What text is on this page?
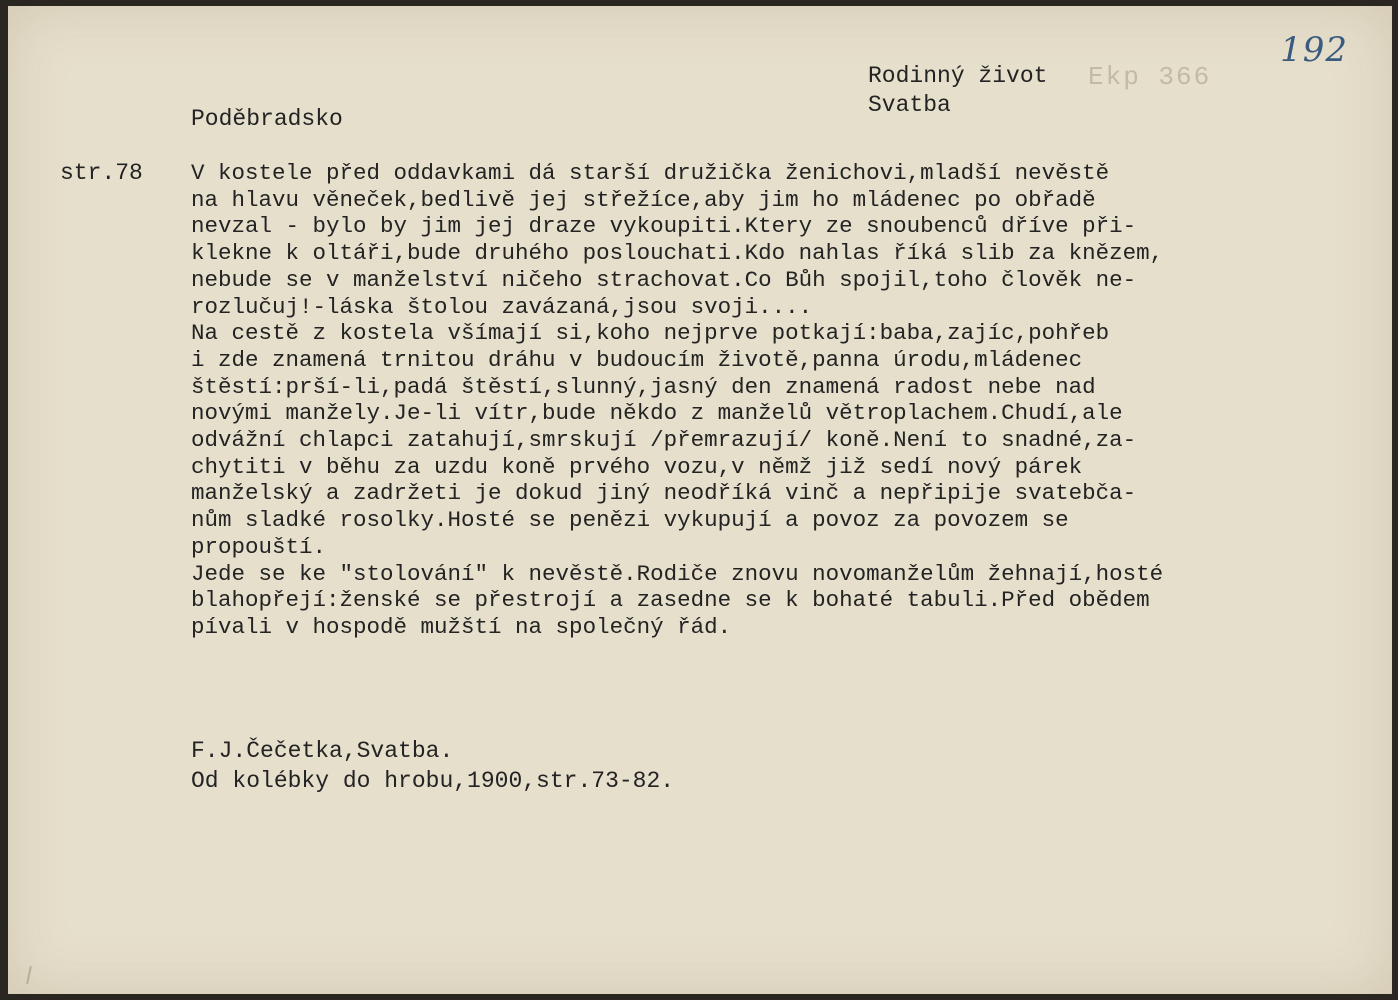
192
Ekp 366
Rodinný život
Svatba
Poděbradsko
str.78 V kostele před oddavkami dá starší družička ženichovi,mladší nevěstě
na hlavu věneček,bedlivě jej střežíce,aby jim ho mládenec po obřadě
nevzal - bylo by jim jej draze vykoupiti.Ktery ze snoubenců dříve při-
klekne k oltáři,bude druhého poslouchati.Kdo nahlas říká slib za knězem,
nebude se v manželství ničeho strachovat.Co Bůh spojil,toho člověk ne-
rozlučuj!-láska štolou zavázaná,jsou svoji....
Na cestě z kostela všímají si,koho nejprve potkají:baba,zajíc,pohřeb
i zde znamená trnitou dráhu v budoucím životě,panna úrodu,mládenec
štěstí:prší-li,padá štěstí,slunný,jasný den znamená radost nebe nad
novými manžely.Je-li vítr,bude někdo z manželů větroplachem.Chudí,ale
odvážní chlapci zatahují,smrskují /přemrazují/ koně.Není to snadné,za-
chytiti v běhu za uzdu koně prvého vozu,v němž již sedí nový párek
manželský a zadržeti je dokud jiný neodříká vinč a nepřipije svatebča-
nům sladké rosolky.Hosté se penězi vykupují a povoz za povozem se
propouští.
Jede se ke "stolování" k nevěstě.Rodiče znovu novomanželům žehnají,hosté
blahopřejí:ženské se přestrojí a zasedne se k bohaté tabuli.Před obědem
pívali v hospodě mužští na společný řád.
F.J.Čečetka,Svatba.
Od kolébky do hrobu,1900,str.73-82.
